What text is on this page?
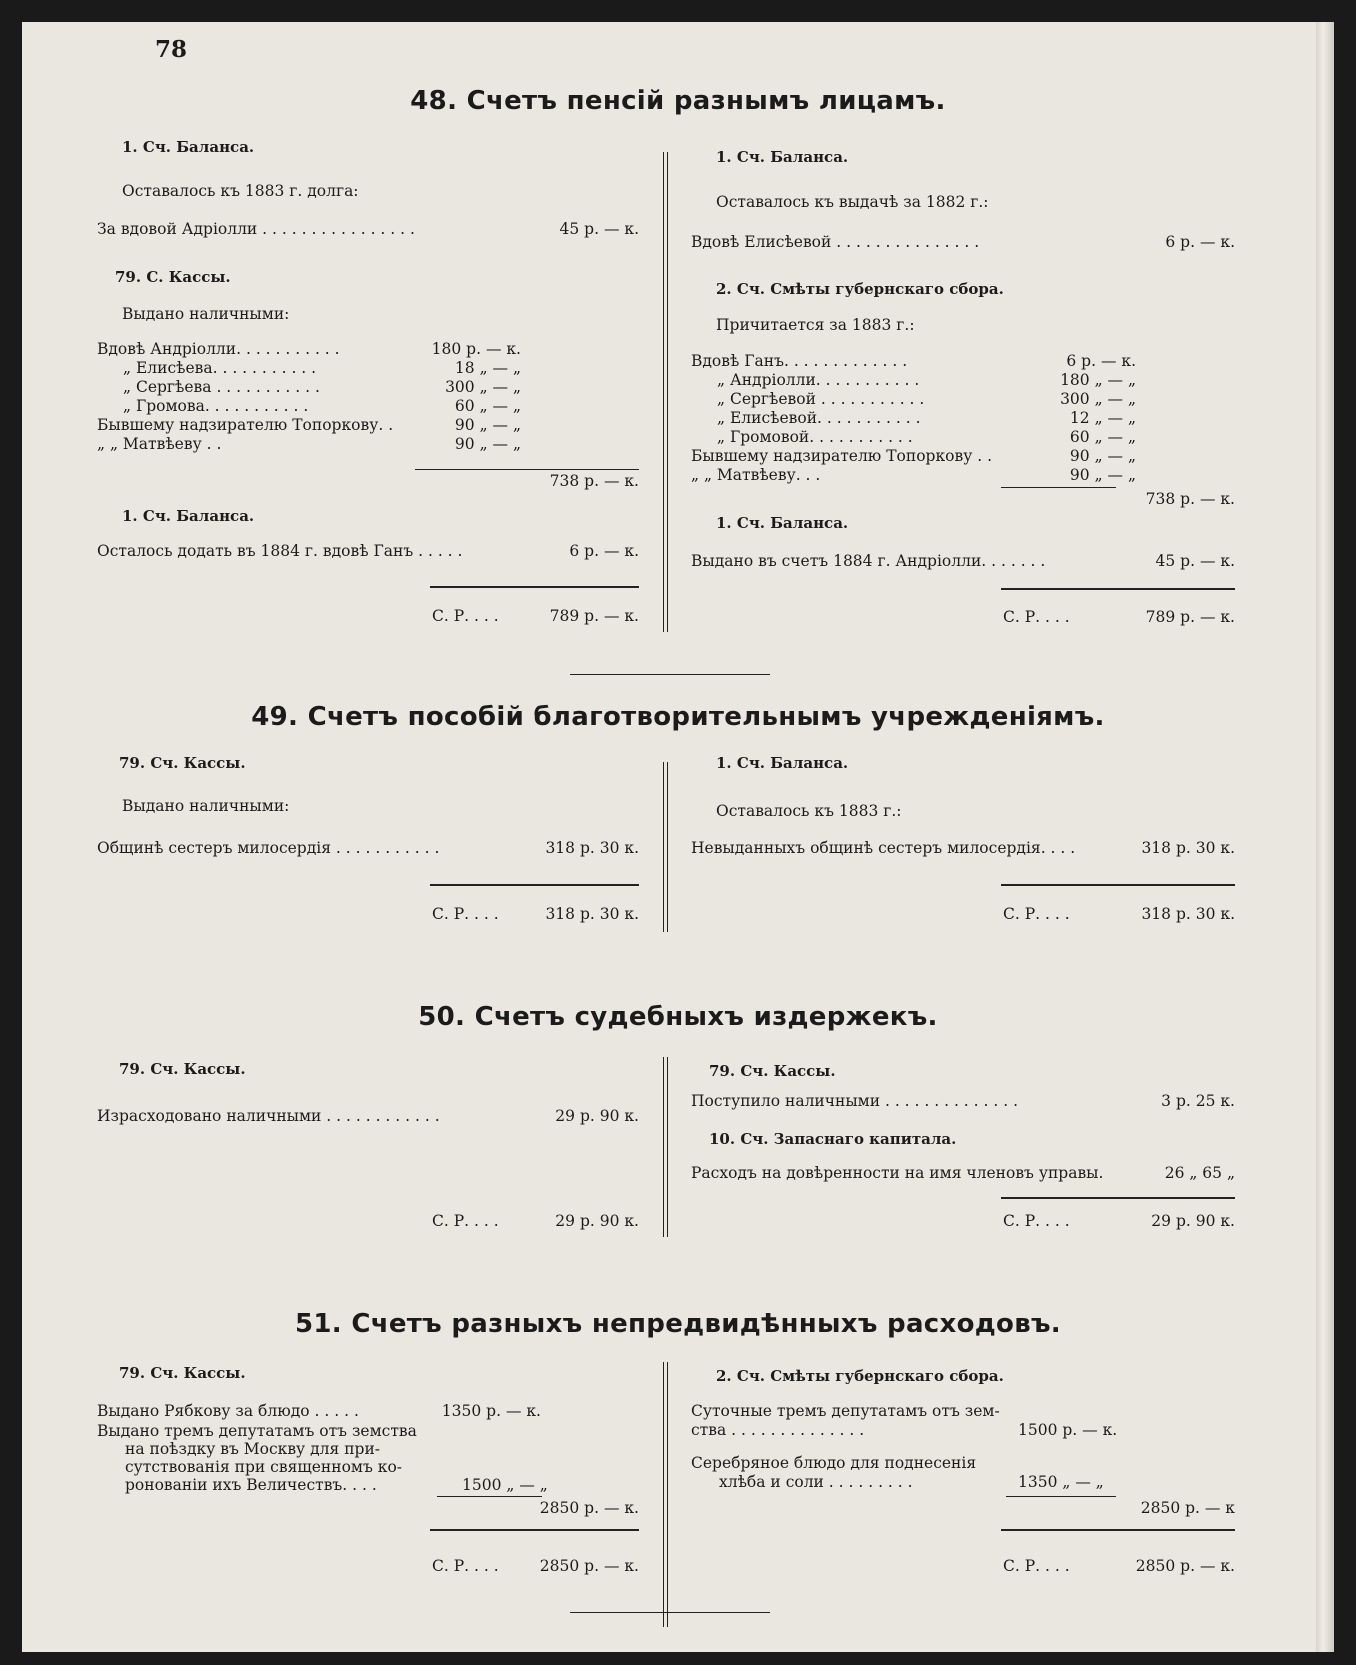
78
48. Счетъ пенсій разнымъ лицамъ.
1. Сч. Баланса.
Оставалось къ 1883 г. долга:
За вдовой Адріолли . . . . . . . . . . . . . . . .	45 р. — к.
79. С. Кассы.
Выдано наличными:
Вдовѣ Андріолли. . . . . . . . . . .	180 р. — к.
„ Елисѣева. . . . . . . . . . .	18 „ — „
„ Сергѣева . . . . . . . . . . .	300 „ — „
„ Громова. . . . . . . . . . .	60 „ — „
Бывшему надзирателю Топоркову. .	90 „ — „
„ „ Матвѣеву . .	90 „ — „
738 р. — к.
1. Сч. Баланса.
Осталось додать въ 1884 г. вдовѣ Ганъ . . . . .	6 р. — к.
С. Р. . . .	789 р. — к.
1. Сч. Баланса.
Оставалось къ выдачѣ за 1882 г.:
Вдовѣ Елисѣевой . . . . . . . . . . . . . . .	6 р. — к.
2. Сч. Смѣты губернскаго сбора.
Причитается за 1883 г.:
Вдовѣ Ганъ. . . . . . . . . . . . .	6 р. — к.
„ Андріолли. . . . . . . . . . .	180 „ — „
„ Сергѣевой . . . . . . . . . . .	300 „ — „
„ Елисѣевой. . . . . . . . . . .	12 „ — „
„ Громовой. . . . . . . . . . .	60 „ — „
Бывшему надзирателю Топоркову . .	90 „ — „
„ „ Матвѣеву. . .	90 „ — „
738 р. — к.
1. Сч. Баланса.
Выдано въ счетъ 1884 г. Андріолли. . . . . . .	45 р. — к.
С. Р. . . .	789 р. — к.
49. Счетъ пособій благотворительнымъ учрежденіямъ.
79. Сч. Кассы.
Выдано наличными:
Общинѣ сестеръ милосердія . . . . . . . . . . .	318 р. 30 к.
С. Р. . . .	318 р. 30 к.
1. Сч. Баланса.
Оставалось къ 1883 г.:
Невыданныхъ общинѣ сестеръ милосердія. . . .	318 р. 30 к.
С. Р. . . .	318 р. 30 к.
50. Счетъ судебныхъ издержекъ.
79. Сч. Кассы.
Израсходовано наличными . . . . . . . . . . . .	29 р. 90 к.
С. Р. . . .	29 р. 90 к.
79. Сч. Кассы.
Поступило наличными . . . . . . . . . . . . . .	3 р. 25 к.
10. Сч. Запаснаго капитала.
Расходъ на довѣренности на имя членовъ управы.	26 „ 65 „
С. Р. . . .	29 р. 90 к.
51. Счетъ разныхъ непредвидѣнныхъ расходовъ.
79. Сч. Кассы.
Выдано Рябкову за блюдо . . . . .	1350 р. — к.
Выдано тремъ депутатамъ отъ земства
на поѣздку въ Москву для при-
сутствованія при священномъ ко-
ронованіи ихъ Величествъ. . . .	1500 „ — „
2850 р. — к.
С. Р. . . .	2850 р. — к.
2. Сч. Смѣты губернскаго сбора.
Суточные тремъ депутатамъ отъ зем-
ства . . . . . . . . . . . . . .	1500 р. — к.
Серебряное блюдо для поднесенія
хлѣба и соли . . . . . . . . .	1350 „ — „
2850 р. — к
С. Р. . . .	2850 р. — к.
